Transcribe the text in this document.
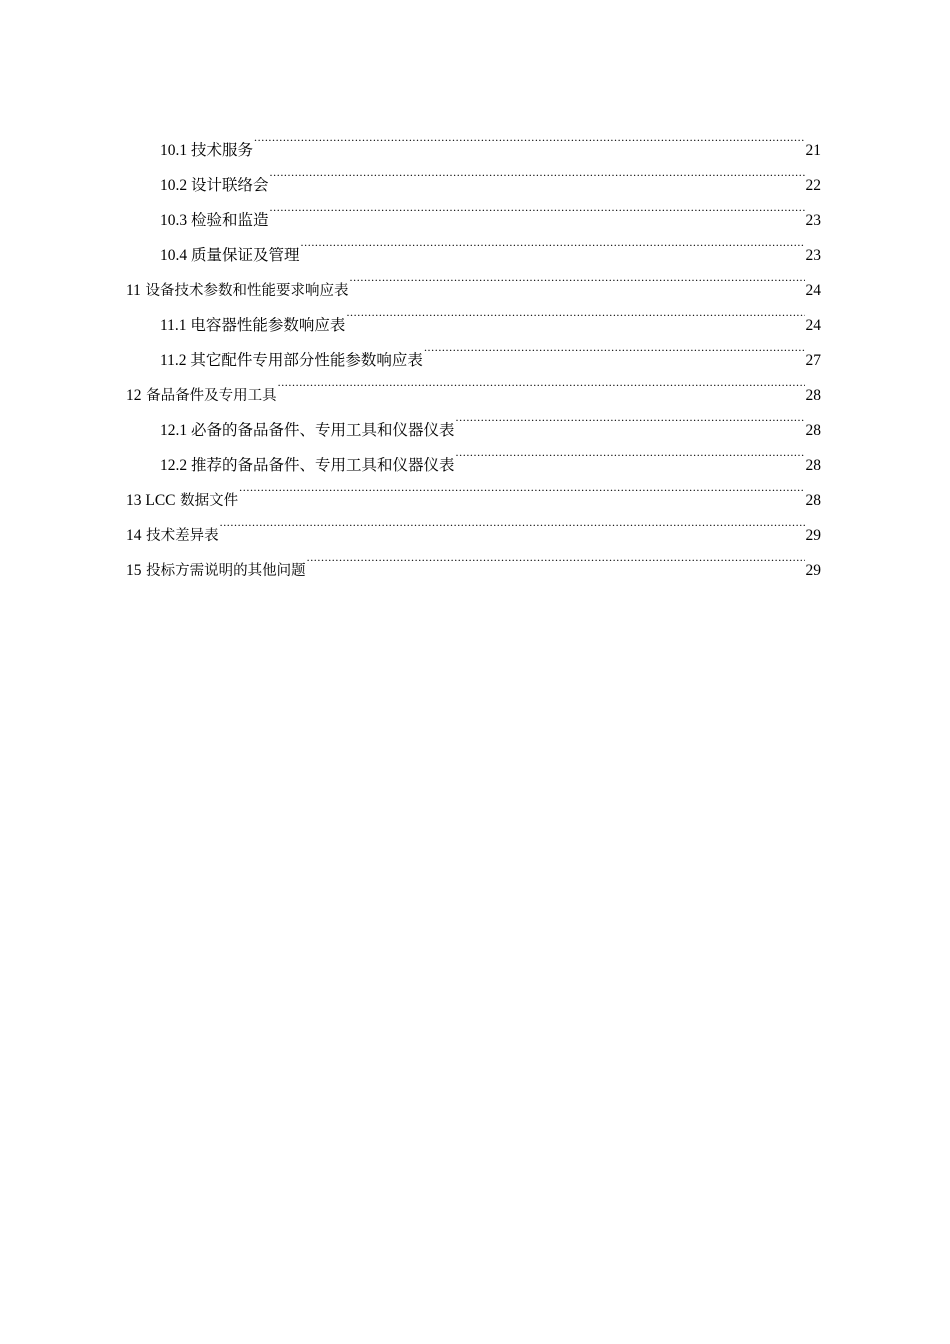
10.1 技术服务 .....	21
10.2 设计联络会 .....	22
10.3 检验和监造 .....	23
10.4 质量保证及管理 .....	23
11 设备技术参数和性能要求响应表 .....	24
11.1 电容器性能参数响应表 .....	24
11.2 其它配件专用部分性能参数响应表 .....	27
12 备品备件及专用工具 .....	28
12.1 必备的备品备件、专用工具和仪器仪表 .....	28
12.2 推荐的备品备件、专用工具和仪器仪表 .....	28
13 LCC 数据文件 .....	28
14 技术差异表 .....	29
15 投标方需说明的其他问题 .....	29
